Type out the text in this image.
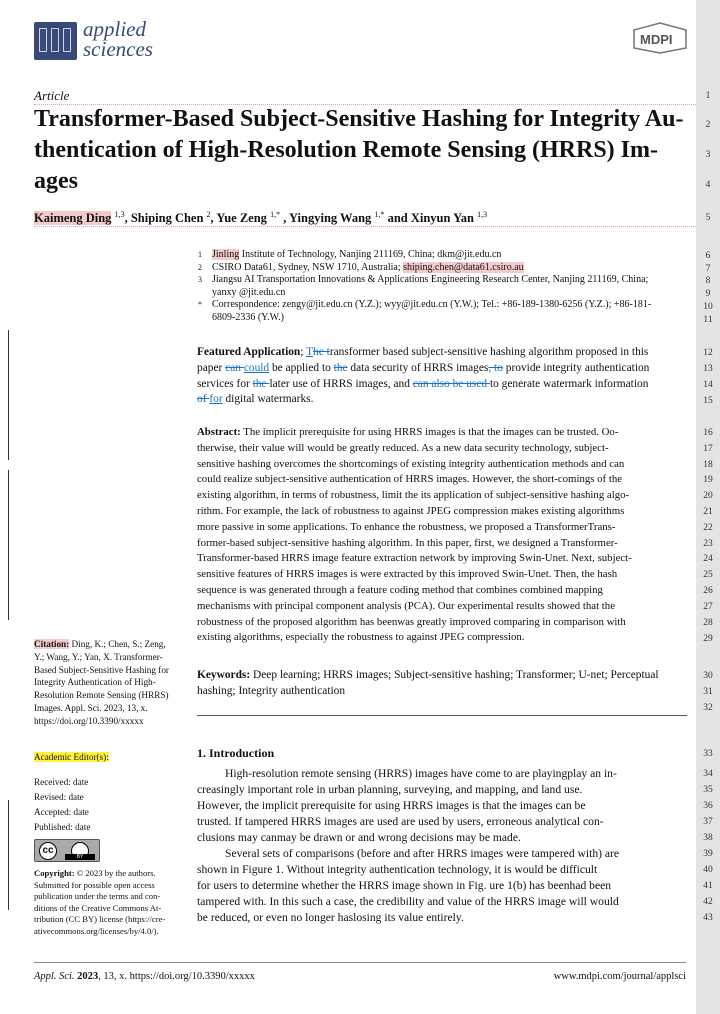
applied
sciences	MDPI
Article
Transformer-Based Subject-Sensitive Hashing for Integrity Au-
thentication of High-Resolution Remote Sensing (HRRS) Im-
ages
Kaimeng Ding $^{1,3}$, Shiping Chen $^2$, Yue Zeng $^{1,*}$ , Yingying Wang $^{1,*}$ and Xinyun Yan $^{1,3}$
1	Jinling Institute of Technology, Nanjing 211169, China; dkm@jit.edu.cn
2	CSIRO Data61, Sydney, NSW 1710, Australia; shiping.chen@data61.csiro.au
3	Jiangsu AI Transportation Innovations & Applications Engineering Research Center, Nanjing 211169, China;
yanxy @jit.edu.cn
*	Correspondence: zengy@jit.edu.cn (Y.Z.); wyy@jit.edu.cn (Y.W.); Tel.: +86-189-1380-6256 (Y.Z.); +86-181-
6809-2336 (Y.W.)
Featured Application; The transformer based subject-sensitive hashing algorithm proposed in this
paper can could be applied to the data security of HRRS images, to provide integrity authentication
services for the later use of HRRS images, and can also be used to generate watermark information
of for digital watermarks.
Abstract: The implicit prerequisite for using HRRS images is that the images can be trusted. Oo-
therwise, their value will would be greatly reduced. As a new data security technology, subject-
sensitive hashing overcomes the shortcomings of existing integrity authentication methods and can
could realize subject-sensitive authentication of HRRS images. However, the short-comings of the
existing algorithm, in terms of robustness, limit the its application of subject-sensitive hashing algo-
rithm. For example, the lack of robustness to against JPEG compression makes existing algorithms
more passive in some applications. To enhance the robustness, we proposed a TransformerTrans-
former-based subject-sensitive hashing algorithm. In this paper, first, we designed a Transformer-
Transformer-based HRRS image feature extraction network by improving Swin-Unet. Next, subject-
sensitive features of HRRS images is were extracted by this improved Swin-Unet. Then, the hash
sequence is was generated through a feature coding method that combines combined mapping
mechanisms with principal component analysis (PCA). Our experimental results showed that the
robustness of the proposed algorithm has beenwas greatly improved comparing in comparison with
existing algorithms, especially the robustness to against JPEG compression.
Keywords: Deep learning; HRRS images; Subject-sensitive hashing; Transformer; U-net; Perceptual
hashing; Integrity authentication
1. Introduction
High-resolution remote sensing (HRRS) images have come to are playingplay an in-
creasingly important role in urban planning, surveying, and mapping, and land use.
However, the implicit prerequisite for using HRRS images is that the images can be
trusted. If tampered HRRS images are used are used by users, erroneous analytical con-
clusions may canmay be drawn or and wrong decisions may be made.
Several sets of comparisons (before and after HRRS images were tampered with) are
shown in Figure 1. Without integrity authentication technology, it is would be difficult
for users to determine whether the HRRS image shown in Fig. ure 1(b) has beenhad been
tampered with. In this such a case, the credibility and value of the HRRS image will would
be reduced, or even no longer haslosing its value entirely.
Citation: Ding, K.; Chen, S.; Zeng,
Y.; Wang, Y.; Yan, X. Transformer-
Based Subject-Sensitive Hashing for
Integrity Authentication of High-
Resolution Remote Sensing (HRRS)
Images. Appl. Sci. 2023, 13, x.
https://doi.org/10.3390/xxxxx
Academic Editor(s):
Received: date
Revised: date
Accepted: date
Published: date
cc
BY
Copyright: © 2023 by the authors.
Submitted for possible open access
publication under the terms and con-
ditions of the Creative Commons At-
tribution (CC BY) license (https://cre-
ativecommons.org/licenses/by/4.0/).
Appl. Sci. 2023, 13, x. https://doi.org/10.3390/xxxxx	www.mdpi.com/journal/applsci
1
2
3
4
5
6
7
8
9
10
11
12
13
14
15
16
17
18
19
20
21
22
23
24
25
26
27
28
29
30
31
32
33
34
35
36
37
38
39
40
41
42
43
